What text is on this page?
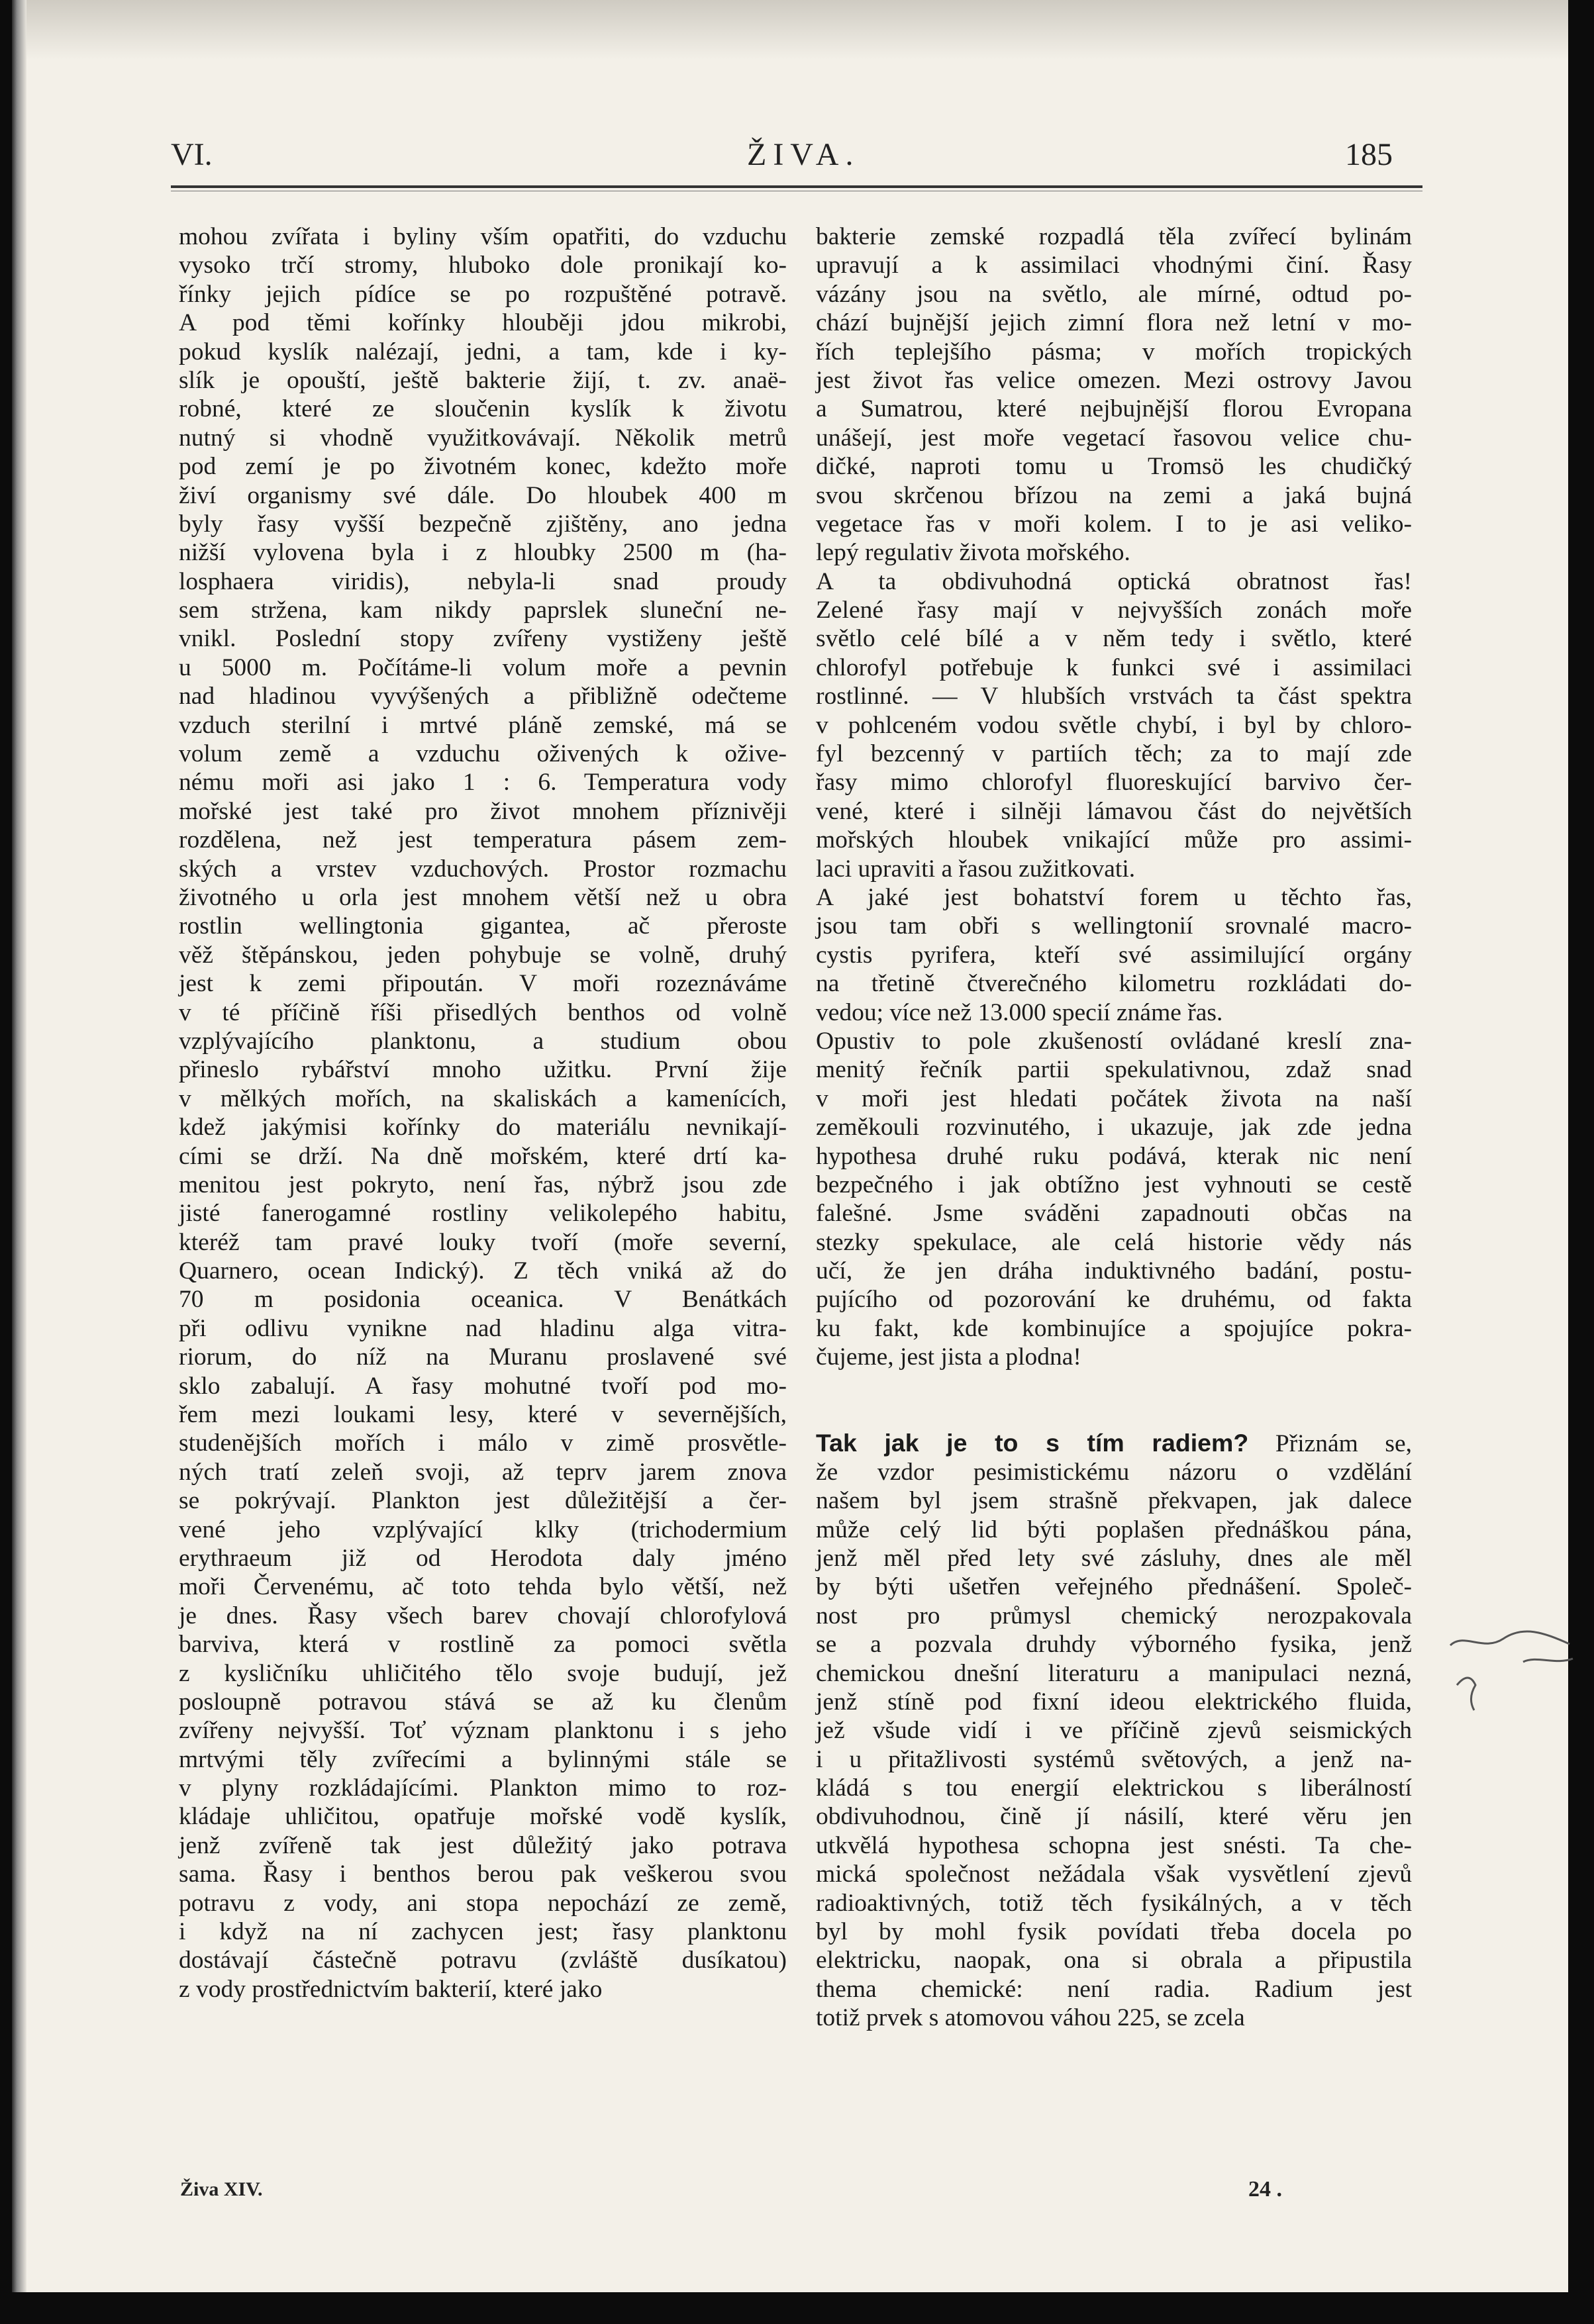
VI.	ŽIVA.	185
mohou zvířata i byliny vším opatřiti, do vzduchu
vysoko trčí stromy, hluboko dole pronikají ko-
řínky jejich pídíce se po rozpuštěné potravě.
A pod těmi kořínky hlouběji jdou mikrobi,
pokud kyslík nalézají, jedni, a tam, kde i ky-
slík je opouští, ještě bakterie žijí, t. zv. anaë-
robné, které ze sloučenin kyslík k životu
nutný si vhodně využitkovávají. Několik metrů
pod zemí je po životném konec, kdežto moře
živí organismy své dále. Do hloubek 400 m
byly řasy vyšší bezpečně zjištěny, ano jedna
nižší vylovena byla i z hloubky 2500 m (ha-
losphaera viridis), nebyla-li snad proudy
sem stržena, kam nikdy paprslek sluneční ne-
vnikl. Poslední stopy zvířeny vystiženy ještě
u 5000 m. Počítáme-li volum moře a pevnin
nad hladinou vyvýšených a přibližně odečteme
vzduch sterilní i mrtvé pláně zemské, má se
volum země a vzduchu oživených k ožive-
nému moři asi jako 1 : 6. Temperatura vody
mořské jest také pro život mnohem příznivěji
rozdělena, než jest temperatura pásem zem-
ských a vrstev vzduchových. Prostor rozmachu
životného u orla jest mnohem větší než u obra
rostlin wellingtonia gigantea, ač přeroste
věž štěpánskou, jeden pohybuje se volně, druhý
jest k zemi připoután. V moři rozeznáváme
v té příčině říši přisedlých benthos od volně
vzplývajícího planktonu, a studium obou
přineslo rybářství mnoho užitku. První žije
v mělkých mořích, na skaliskách a kamenících,
kdež jakýmisi kořínky do materiálu nevnikají-
cími se drží. Na dně mořském, které drtí ka-
menitou jest pokryto, není řas, nýbrž jsou zde
jisté fanerogamné rostliny velikolepého habitu,
kteréž tam pravé louky tvoří (moře severní,
Quarnero, ocean Indický). Z těch vniká až do
70 m posidonia oceanica. V Benátkách
při odlivu vynikne nad hladinu alga vitra-
riorum, do níž na Muranu proslavené své
sklo zabalují. A řasy mohutné tvoří pod mo-
řem mezi loukami lesy, které v severnějších,
studenějších mořích i málo v zimě prosvětle-
ných tratí zeleň svoji, až teprv jarem znova
se pokrývají. Plankton jest důležitější a čer-
vené jeho vzplývající klky (trichodermium
erythraeum již od Herodota daly jméno
moři Červenému, ač toto tehda bylo větší, než
je dnes. Řasy všech barev chovají chlorofylová
barviva, která v rostlině za pomoci světla
z kysličníku uhličitého tělo svoje budují, jež
posloupně potravou stává se až ku členům
zvířeny nejvyšší. Toť význam planktonu i s jeho
mrtvými těly zvířecími a bylinnými stále se
v plyny rozkládajícími. Plankton mimo to roz-
kládaje uhličitou, opatřuje mořské vodě kyslík,
jenž zvířeně tak jest důležitý jako potrava
sama. Řasy i benthos berou pak veškerou svou
potravu z vody, ani stopa nepochází ze země,
i když na ní zachycen jest; řasy planktonu
dostávají částečně potravu (zvláště dusíkatou)
z vody prostřednictvím bakterií, které jako
bakterie zemské rozpadlá těla zvířecí bylinám
upravují a k assimilaci vhodnými činí. Řasy
vázány jsou na světlo, ale mírné, odtud po-
chází bujnější jejich zimní flora než letní v mo-
řích teplejšího pásma; v mořích tropických
jest život řas velice omezen. Mezi ostrovy Javou
a Sumatrou, které nejbujnější florou Evropana
unášejí, jest moře vegetací řasovou velice chu-
dičké, naproti tomu u Tromsö les chudičký
svou skrčenou břízou na zemi a jaká bujná
vegetace řas v moři kolem. I to je asi veliko-
lepý regulativ života mořského.
A ta obdivuhodná optická obratnost řas!
Zelené řasy mají v nejvyšších zonách moře
světlo celé bílé a v něm tedy i světlo, které
chlorofyl potřebuje k funkci své i assimilaci
rostlinné. — V hlubších vrstvách ta část spektra
v pohlceném vodou světle chybí, i byl by chloro-
fyl bezcenný v partiích těch; za to mají zde
řasy mimo chlorofyl fluoreskující barvivo čer-
vené, které i silněji lámavou část do největších
mořských hloubek vnikající může pro assimi-
laci upraviti a řasou zužitkovati.
A jaké jest bohatství forem u těchto řas,
jsou tam obři s wellingtonií srovnalé macro-
cystis pyrifera, kteří své assimilující orgány
na třetině čtverečného kilometru rozkládati do-
vedou; více než 13.000 specií známe řas.
Opustiv to pole zkušeností ovládané kreslí zna-
menitý řečník partii spekulativnou, zdaž snad
v moři jest hledati počátek života na naší
zeměkouli rozvinutého, i ukazuje, jak zde jedna
hypothesa druhé ruku podává, kterak nic není
bezpečného i jak obtížno jest vyhnouti se cestě
falešné. Jsme sváděni zapadnouti občas na
stezky spekulace, ale celá historie vědy nás
učí, že jen dráha induktivného badání, postu-
pujícího od pozorování ke druhému, od fakta
ku fakt, kde kombinujíce a spojujíce pokra-
čujeme, jest jista a plodna!
Tak jak je to s tím radiem? Přiznám se,
že vzdor pesimistickému názoru o vzdělání
našem byl jsem strašně překvapen, jak dalece
může celý lid býti poplašen přednáškou pána,
jenž měl před lety své zásluhy, dnes ale měl
by býti ušetřen veřejného přednášení. Společ-
nost pro průmysl chemický nerozpakovala
se a pozvala druhdy výborného fysika, jenž
chemickou dnešní literaturu a manipulaci nezná,
jenž stíně pod fixní ideou elektrického fluida,
jež všude vidí i ve příčině zjevů seismických
i u přitažlivosti systémů světových, a jenž na-
kládá s tou energií elektrickou s liberálností
obdivuhodnou, čině jí násilí, které věru jen
utkvělá hypothesa schopna jest snésti. Ta che-
mická společnost nežádala však vysvětlení zjevů
radioaktivných, totiž těch fysikálných, a v těch
byl by mohl fysik povídati třeba docela po
elektricku, naopak, ona si obrala a připustila
thema chemické: není radia. Radium jest
totiž prvek s atomovou váhou 225, se zcela
Živa XIV.	24 .
